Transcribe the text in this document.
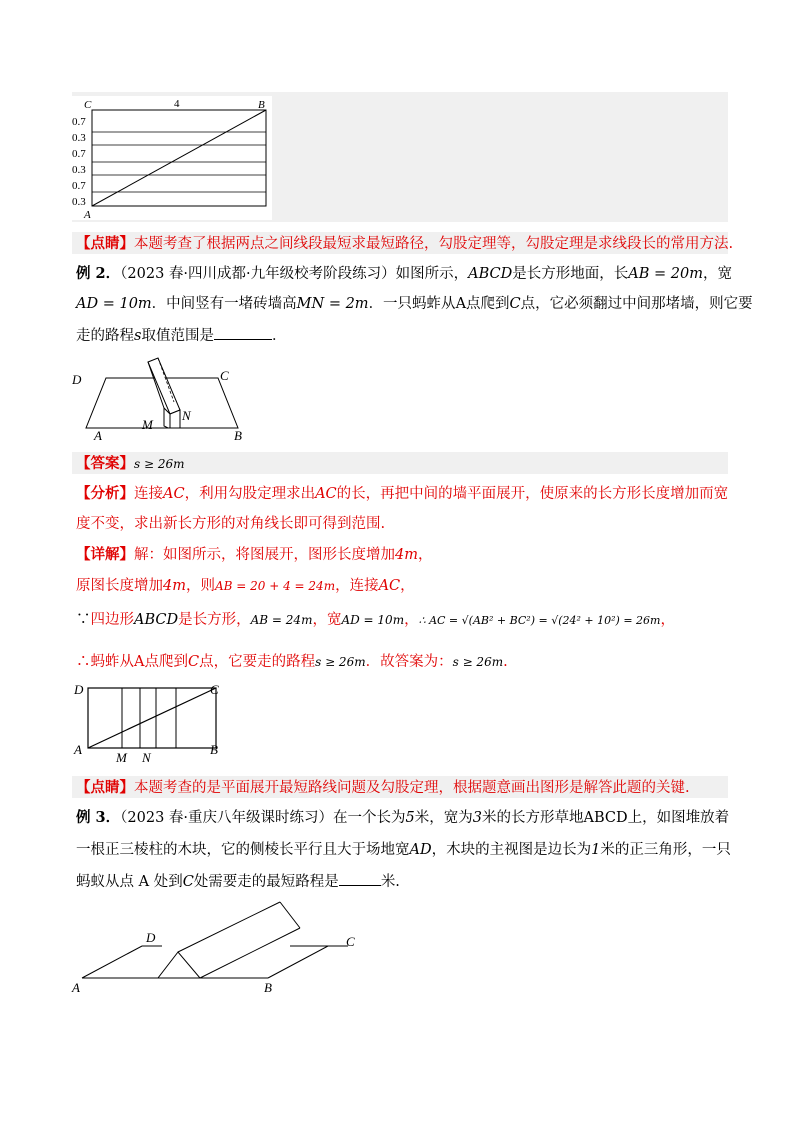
4
C	B
A
0.7
0.3
0.7
0.3
0.7
0.3
【点睛】本题考查了根据两点之间线段最短求最短路径，勾股定理等，勾股定理是求线段长的常用方法.
例 2．（2023 春·四川成都·九年级校考阶段练习）如图所示，ABCD是长方形地面，长AB = 20m，宽
AD = 10m．中间竖有一堵砖墙高MN = 2m．一只蚂蚱从A点爬到C点，它必须翻过中间那堵墙，则它要
走的路程s取值范围是	．
D	C
A	B
M
N
【答案】s ≥ 26m
【分析】连接AC，利用勾股定理求出AC的长，再把中间的墙平面展开，使原来的长方形长度增加而宽
度不变，求出新长方形的对角线长即可得到范围.
【详解】解：如图所示，将图展开，图形长度增加4m，
原图长度增加4m，则AB = 20 + 4 = 24m，连接AC，
∵四边形ABCD是长方形，AB = 24m，宽AD = 10m，∴ AC = √(AB² + BC²) = √(24² + 10²) = 26m，
∴蚂蚱从A点爬到C点，它要走的路程s ≥ 26m．故答案为：s ≥ 26m.
D	C
A	B
M N
【点睛】本题考查的是平面展开最短路线问题及勾股定理，根据题意画出图形是解答此题的关键.
例 3．（2023 春·重庆八年级课时练习）在一个长为5米，宽为3米的长方形草地ABCD上，如图堆放着
一根正三棱柱的木块，它的侧棱长平行且大于场地宽AD，木块的主视图是边长为1米的正三角形，一只
蚂蚁从点 A 处到C处需要走的最短路程是	米.
D	C
A	B
